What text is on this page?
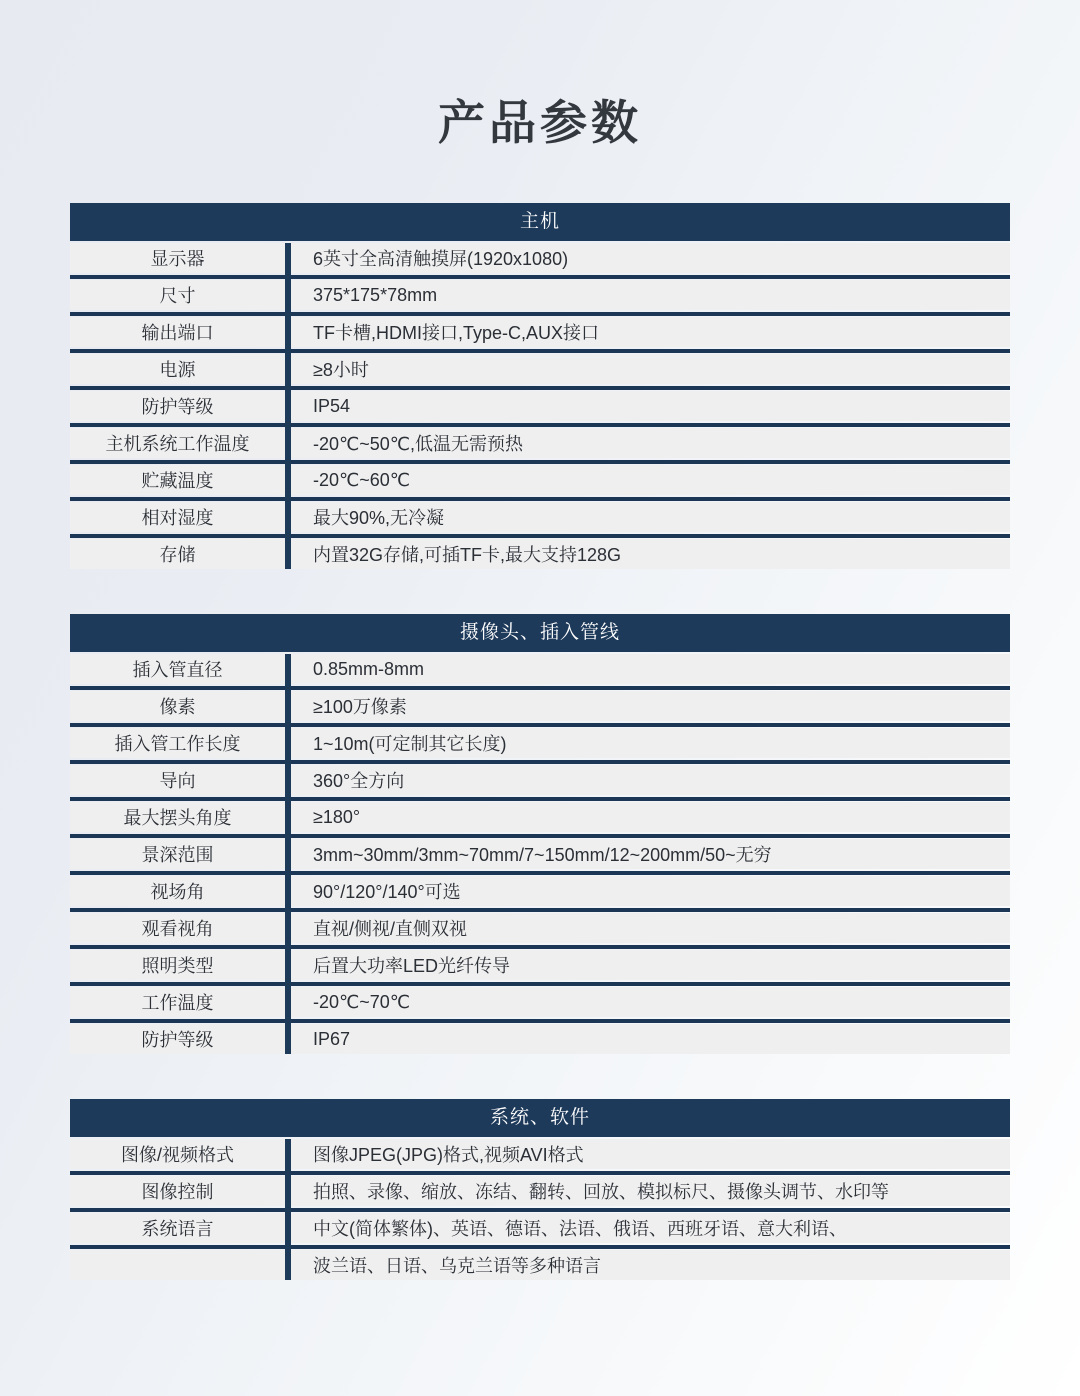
产品参数
主机
显示器	6英寸全高清触摸屏(1920x1080)
尺寸	375*175*78mm
输出端口	TF卡槽,HDMI接口,Type-C,AUX接口
电源	≥8小时
防护等级	IP54
主机系统工作温度	-20℃~50℃,低温无需预热
贮藏温度	-20℃~60℃
相对湿度	最大90%,无冷凝
存储	内置32G存储,可插TF卡,最大支持128G
摄像头、插入管线
插入管直径	0.85mm-8mm
像素	≥100万像素
插入管工作长度	1~10m(可定制其它长度)
导向	360°全方向
最大摆头角度	≥180°
景深范围	3mm~30mm/3mm~70mm/7~150mm/12~200mm/50~无穷
视场角	90°/120°/140°可选
观看视角	直视/侧视/直侧双视
照明类型	后置大功率LED光纤传导
工作温度	-20℃~70℃
防护等级	IP67
系统、软件
图像/视频格式	图像JPEG(JPG)格式,视频AVI格式
图像控制	拍照、录像、缩放、冻结、翻转、回放、模拟标尺、摄像头调节、水印等
系统语言	中文(简体繁体)、英语、德语、法语、俄语、西班牙语、意大利语、
波兰语、日语、乌克兰语等多种语言
